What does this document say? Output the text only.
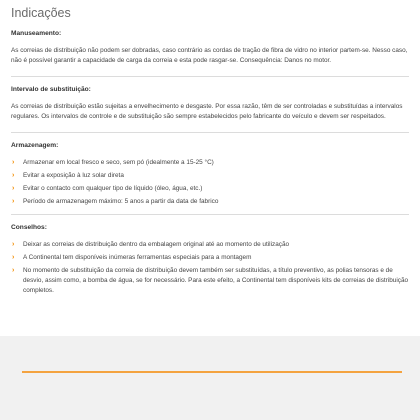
Indicações
Manuseamento:

As correias de distribuição não podem ser dobradas, caso contrário as cordas de tração de fibra de vidro no interior partem-se. Nesso caso, não é possível garantir a capacidade de carga da correia e esta pode rasgar-se. Consequência: Danos no motor.

Intervalo de substituição:

As correias de distribuição estão sujeitas a envelhecimento e desgaste. Por essa razão, têm de ser controladas e substituídas a intervalos regulares. Os intervalos de controle e de substituição são sempre estabelecidos pelo fabricante do veículo e devem ser respeitados.

Armazenagem:
› Armazenar em local fresco e seco, sem pó (idealmente a 15-25 °C)
› Evitar a exposição à luz solar direta
› Evitar o contacto com qualquer tipo de líquido (óleo, água, etc.)
› Período de armazenagem máximo: 5 anos a partir da data de fabrico
Conselhos:
› Deixar as correias de distribuição dentro da embalagem original até ao momento de utilização
› A Continental tem disponíveis inúmeras ferramentas especiais para a montagem
› No momento de substituição da correia de distribuição devem também ser substituídas, a título preventivo, as polias tensoras e de desvio, assim como, a bomba de água, se for necessário. Para este efeito, a Continental tem disponíveis kits de correias de distribuição completos.
